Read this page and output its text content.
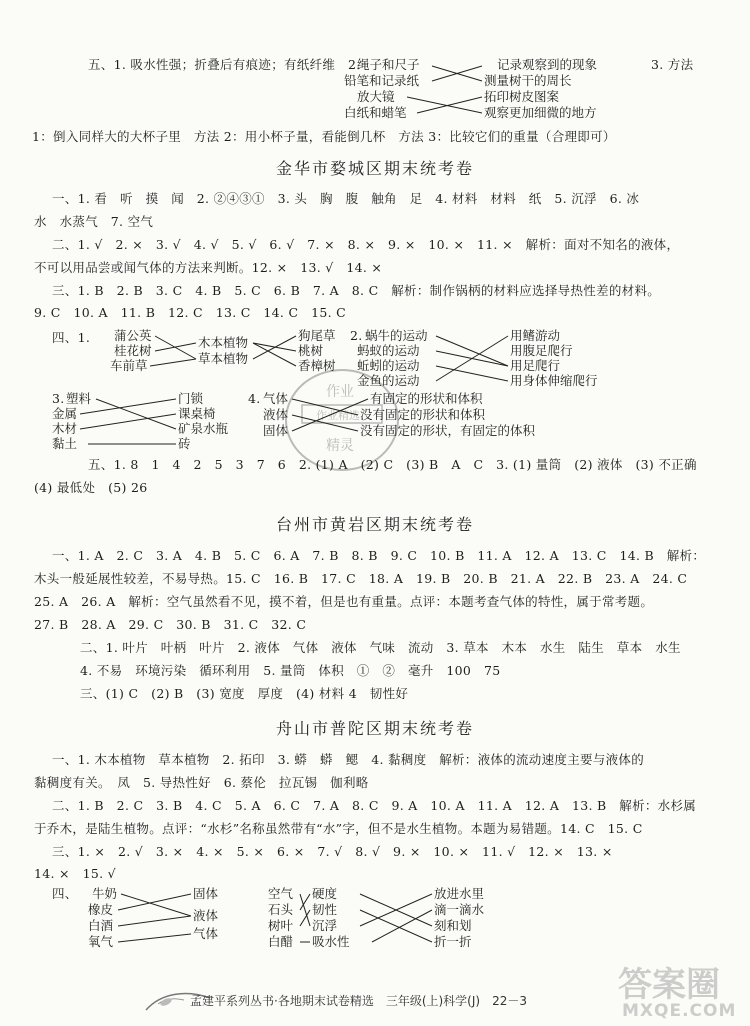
五、1. 吸水性强；折叠后有痕迹；有纸纤维　2.	3. 方法
绳子和尺子
铅笔和记录纸
放大镜
白纸和蜡笔
记录观察到的现象
测量树干的周长
拓印树皮图案
观察更加细微的地方
1：倒入同样大的大杯子里　方法 2：用小杯子量，看能倒几杯　方法 3：比较它们的重量（合理即可）
金华市婺城区期末统考卷
一、1. 看　听　摸　闻　2. ②④③①　3. 头　胸　腹　触角　足　4. 材料　材料　纸　5. 沉浮　6. 冰
水　水蒸气　7. 空气
二、1. √　2. ×　3. √　4. √　5. √　6. √　7. ×　8. ×　9. ×　10. ×　11. ×　解析：面对不知名的液体，
不可以用品尝或闻气体的方法来判断。12. ×　13. √　14. ×
三、1. B　2. B　3. C　4. B　5. C　6. B　7. A　8. C　解析：制作锅柄的材料应选择导热性差的材料。
9. C　10. A　11. B　12. C　13. C　14. C　15. C
四、1. 蒲公英
桂花树
车前草
木本植物
草本植物
狗尾草
桃树
香樟树
2. 蜗牛的运动
蚂蚁的运动
蚯蚓的运动
金鱼的运动
用鳍游动
用腹足爬行
用足爬行
用身体伸缩爬行
3. 塑料
金属
木材
黏土
门锁
课桌椅
矿泉水瓶
砖
4. 气体
液体
固体
有固定的形状和体积
没有固定的形状和体积
没有固定的形状，有固定的体积
五、1. 8　1　4　2　5　3　7　6　2. (1) A　(2) C　(3) B　A　C　3. (1) 量筒　(2) 液体　(3) 不正确
(4) 最低处　(5) 26
台州市黄岩区期末统考卷
一、1. A　2. C　3. A　4. B　5. C　6. A　7. B　8. B　9. C　10. B　11. A　12. A　13. C　14. B　解析：
木头一般延展性较差，不易导热。15. C　16. B　17. C　18. A　19. B　20. B　21. A　22. B　23. A　24. C
25. A　26. A　解析：空气虽然看不见，摸不着，但是也有重量。点评：本题考查气体的特性，属于常考题。
27. B　28. A　29. C　30. B　31. C　32. C
二、1. 叶片　叶柄　叶片　2. 液体　气体　液体　气味　流动　3. 草本　木本　水生　陆生　草本　水生
4. 不易　环境污染　循环利用　5. 量筒　体积　①　②　毫升　100　75
三、(1) C　(2) B　(3) 宽度　厚度　(4) 材料 4　韧性好
舟山市普陀区期末统考卷
一、1. 木本植物　草本植物　2. 拓印　3. 蟒　蟒　鳃　4. 黏稠度　解析：液体的流动速度主要与液体的
黏稠度有关。　凤　5. 导热性好　6. 蔡伦　拉瓦锡　伽利略
二、1. B　2. C　3. B　4. C　5. A　6. C　7. A　8. C　9. A　10. A　11. A　12. A　13. B　解析：水杉属
于乔木，是陆生植物。点评：“水杉”名称虽然带有“水”字，但不是水生植物。本题为易错题。14. C　15. C
三、1. ×　2. √　3. ×　4. ×　5. ×　6. ×　7. √　8. √　9. ×　10. ×　11. √　12. ×　13. ×
14. ×　15. √
四、 牛奶
橡皮
白酒
氧气
固体
液体
气体
空气
石头
树叶
白醋
硬度
韧性
沉浮
吸水性
放进水里
滴一滴水
刻和划
折一折
作业
作业精选
精灵
孟建平系列丛书·各地期末试卷精选　三年级(上)科学(J)　22－3	答案圈
MXQE.COM
